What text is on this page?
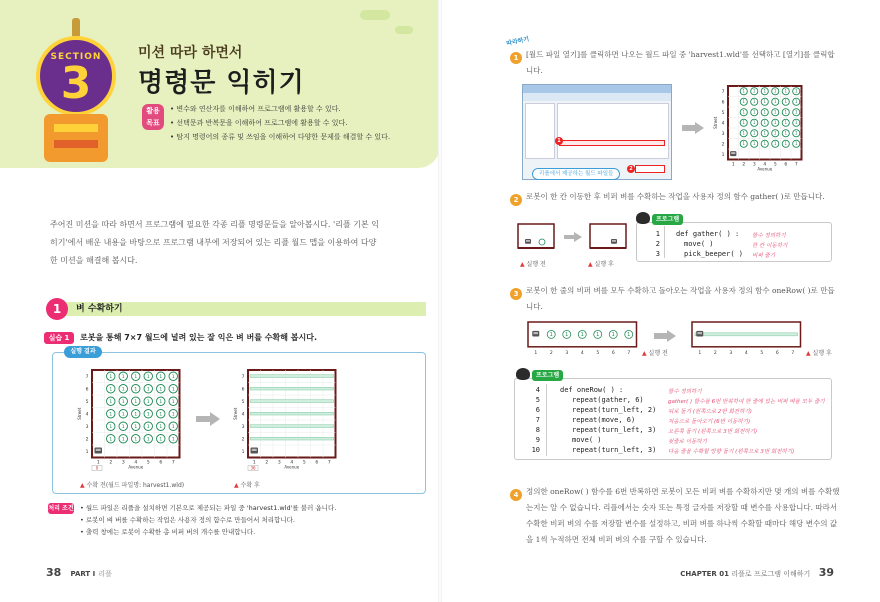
SECTION
3
미션 따라 하면서
명령문 익히기
활용
목표
• 변수와 연산자를 이해하여 프로그램에 활용할 수 있다.
• 선택문과 반복문을 이해하여 프로그램에 활용할 수 있다.
• 탐지 명령어의 종류 및 쓰임을 이해하여 다양한 문제를 해결할 수 있다.

주어진 미션을 따라 하면서 프로그램에 필요한 각종 리플 명령문들을 알아봅시다. '리플 기본 익히기'에서 배운 내용을 바탕으로 프로그램 내부에 저장되어 있는 리플 월드 맵을 이용하여 다양한 미션을 해결해 봅시다.

1	벼 수확하기
실습 1	로봇을 통해 7×7 월드에 널려 있는 잘 익은 벼 버를 수확해 봅시다.
실행 결과
7
6
5
4
3
2
1
1 2 3 4 5 6 7
Street
Avenue
1 1 1 1 1 1
1 1 1 1 1 1
1 1 1 1 1 1
1 1 1 1 1 1
1 1 1 1 1 1
1 1 1 1 1 1
0
7
6
5
4
3
2
1
1 2 3 4 5 6 7
Street
Avenue
36
▲ 수확 전(월드 파일명: harvest1.wld)	▲ 수확 후
처리 조건
•	월드 파일은 리플을 설치하면 기본으로 제공되는 파일 중 'harvest1.wld'를 불러 옵니다.
• 로봇이 벼 버를 수확하는 작업은 사용자 정의 함수로 만들어서 처리합니다.
• 출력 창에는 로봇이 수확한 총 비퍼 버의 개수를 안내합니다.
38 PART I 리플
따라하기
1	[월드 파일 열기]를 클릭하면 나오는 월드 파일 중 'harvest1.wld'를 선택하고 [열기]를 클릭합니다.

1
2
리플에서 제공하는 월드 파일들
7
6
5
4
3
2
1
1 2 3 4 5 6 7
Street
Avenue
1 1 1 1 1 1
1 1 1 1 1 1
1 1 1 1 1 1
1 1 1 1 1 1
1 1 1 1 1 1
1 1 1 1 1 1
2	로봇이 한 칸 이동한 후 비퍼 벼를 수확하는 작업을 사용자 정의 함수 gather( )로 만듭니다.

▲ 실행 전	▲ 실행 후
프로그램
1 def gather( ) : 함수 정의하기
2	move( )	한 칸 이동하기
3	pick_beeper( ) 비퍼 줍기
3	로봇이 한 줄의 비퍼 벼를 모두 수확하고 돌아오는 작업을 사용자 정의 함수 oneRow( )로 만듭니다.

1
1
2
1
3
1
4
1
5
1
6
1
7 ▲ 실행 전	1	2	3	4	5	6	7 ▲ 실행 후
프로그램
4	def oneRow( ) :	함수 정의하기
5	repeat(gather, 6)	gather( ) 함수를 6번 반복하여 한 줄에 있는 비퍼 벼를 모두 줍기
6	repeat(turn_left, 2) 뒤로 돌기 (왼쪽으로 2번 회전하기)
7	repeat(move, 6)	처음으로 돌아오기 (6번 이동하기)
8	repeat(turn_left, 3) 오른쪽 돌기 (왼쪽으로 3번 회전하기)
9	move( )	윗줄로 이동하기
10	repeat(turn_left, 3) 다음 줄을 수확할 방향 돌기 (왼쪽으로 3번 회전하기)
4	정의한 oneRow( ) 함수를 6번 반복하면 로봇이 모든 비퍼 벼를 수확하지만 몇 개의 벼를 수확했는지는 알 수 없습니다. 리플에서는 숫자 또는 특정 글자를 저장할 때 변수를 사용합니다. 따라서 수확한 비퍼 벼의 수를 저장할 변수를 설정하고, 비퍼 벼를 하나씩 수확할 때마다 해당 변수의 값을 1씩 누적하면 전체 비퍼 벼의 수를 구할 수 있습니다.

CHAPTER 01 리플로 프로그램 이해하기 39
